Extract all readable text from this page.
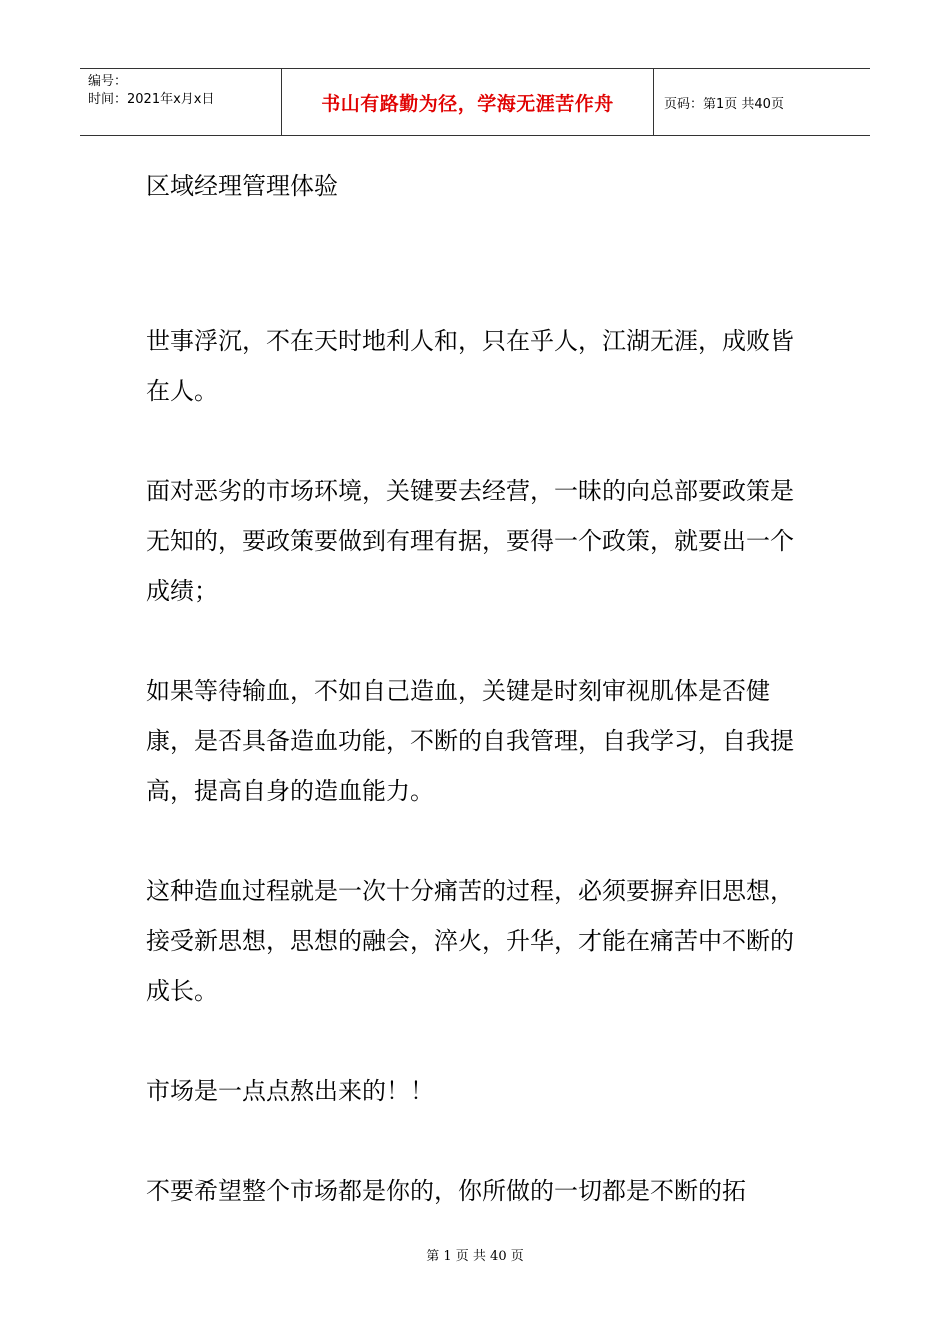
编号：
时间：2021年x月x日	书山有路勤为径，学海无涯苦作舟	页码：第1页 共40页
区域经理管理体验

世事浮沉，不在天时地利人和，只在乎人，江湖无涯，成败皆在人。

面对恶劣的市场环境，关键要去经营，一昧的向总部要政策是无知的，要政策要做到有理有据，要得一个政策，就要出一个成绩；

如果等待输血，不如自己造血，关键是时刻审视肌体是否健康，是否具备造血功能，不断的自我管理，自我学习，自我提高，提高自身的造血能力。

这种造血过程就是一次十分痛苦的过程，必须要摒弃旧思想，接受新思想，思想的融会，淬火，升华，才能在痛苦中不断的成长。

市场是一点点熬出来的！！

不要希望整个市场都是你的，你所做的一切都是不断的拓

第 1 页 共 40 页
